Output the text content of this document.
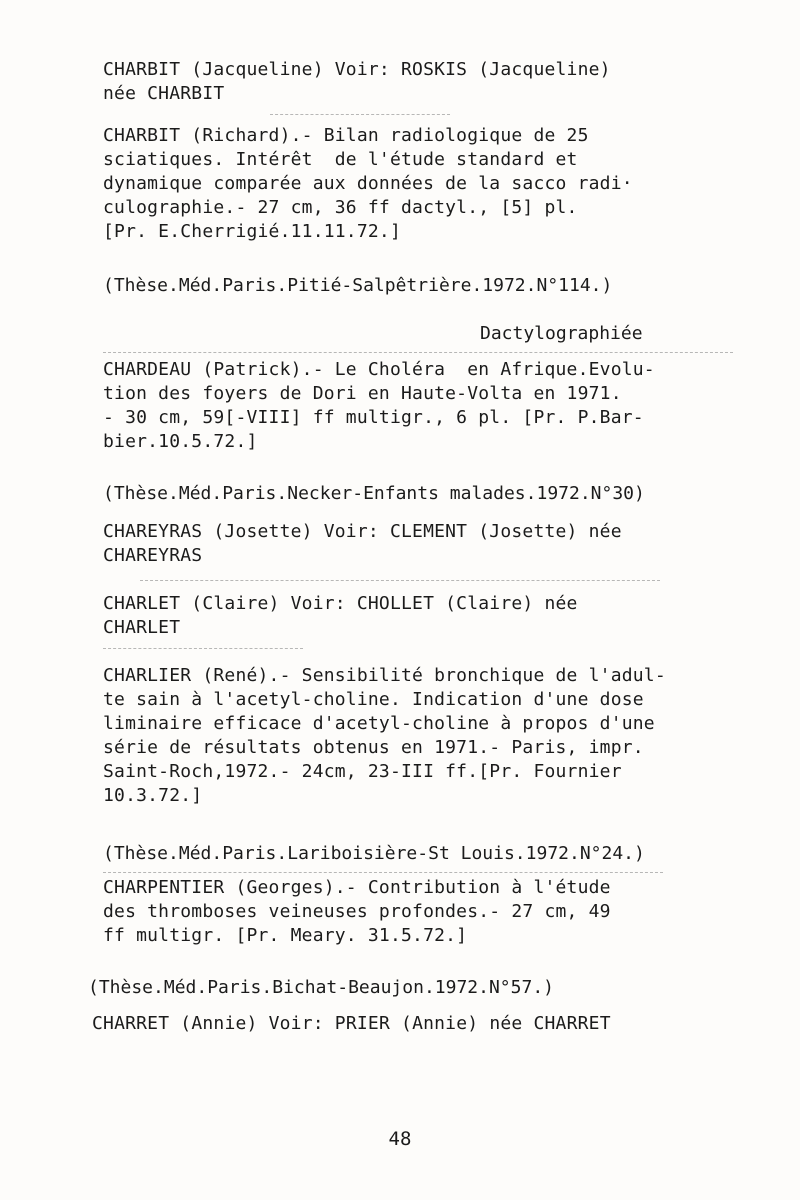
CHARBIT (Jacqueline) Voir: ROSKIS (Jacqueline)
née CHARBIT
CHARBIT (Richard).- Bilan radiologique de 25
sciatiques. Intérêt  de l'étude standard et
dynamique comparée aux données de la sacco radi·
culographie.- 27 cm, 36 ff dactyl., [5] pl.
[Pr. E.Cherrigié.11.11.72.]
(Thèse.Méd.Paris.Pitié-Salpêtrière.1972.N°114.)
Dactylographiée
CHARDEAU (Patrick).- Le Choléra  en Afrique.Evolu-
tion des foyers de Dori en Haute-Volta en 1971.
- 30 cm, 59[-VIII] ff multigr., 6 pl. [Pr. P.Bar-
bier.10.5.72.]
(Thèse.Méd.Paris.Necker-Enfants malades.1972.N°30)
CHAREYRAS (Josette) Voir: CLEMENT (Josette) née
CHAREYRAS
CHARLET (Claire) Voir: CHOLLET (Claire) née
CHARLET
CHARLIER (René).- Sensibilité bronchique de l'adul-
te sain à l'acetyl-choline. Indication d'une dose
liminaire efficace d'acetyl-choline à propos d'une
série de résultats obtenus en 1971.- Paris, impr.
Saint-Roch,1972.- 24cm, 23-III ff.[Pr. Fournier
10.3.72.]
(Thèse.Méd.Paris.Lariboisière-St Louis.1972.N°24.)
CHARPENTIER (Georges).- Contribution à l'étude
des thromboses veineuses profondes.- 27 cm, 49
ff multigr. [Pr. Meary. 31.5.72.]
(Thèse.Méd.Paris.Bichat-Beaujon.1972.N°57.)
CHARRET (Annie) Voir: PRIER (Annie) née CHARRET
48
